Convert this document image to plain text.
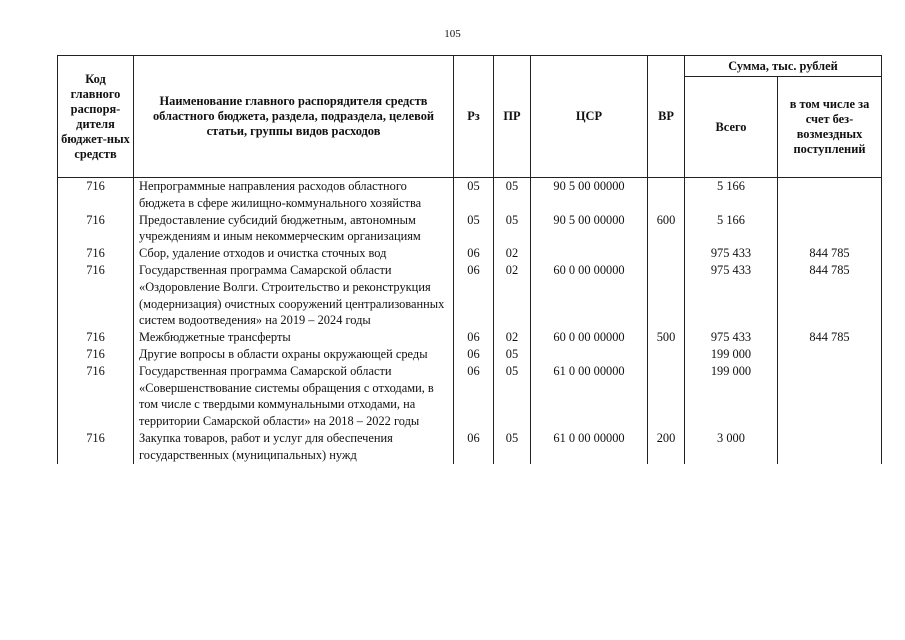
105
Код главного распоря-дителя бюджет-ных средств	Наименование главного распорядителя средств областного бюджета, раздела, подраздела, целевой статьи, группы видов расходов	Рз	ПР	ЦСР	ВР	Сумма, тыс. рублей	
						Всего	в том числе за счет без-возмездных поступлений
716	Непрограммные направления расходов областного бюджета в сфере жилищно-коммунального хозяйства	05	05	90 5 00 00000		5 166	
716	Предоставление субсидий бюджетным, автономным учреждениям и иным некоммерческим организациям	05	05	90 5 00 00000	600	5 166	
716	Сбор, удаление отходов и очистка сточных вод	06	02			975 433	844 785
716	Государственная программа Самарской области «Оздоровление Волги. Строительство и реконструкция (модернизация) очистных сооружений централизованных систем водоотведения» на 2019 – 2024 годы	06	02	60 0 00 00000		975 433	844 785
716	Межбюджетные трансферты	06	02	60 0 00 00000	500	975 433	844 785
716	Другие вопросы в области охраны окружающей среды	06	05			199 000	
716	Государственная программа Самарской области «Совершенствование системы обращения с отходами, в том числе с твердыми коммунальными отходами, на территории Самарской области» на 2018 – 2022 годы	06	05	61 0 00 00000		199 000	
716	Закупка товаров, работ и услуг для обеспечения государственных (муниципальных) нужд	06	05	61 0 00 00000	200	3 000	
